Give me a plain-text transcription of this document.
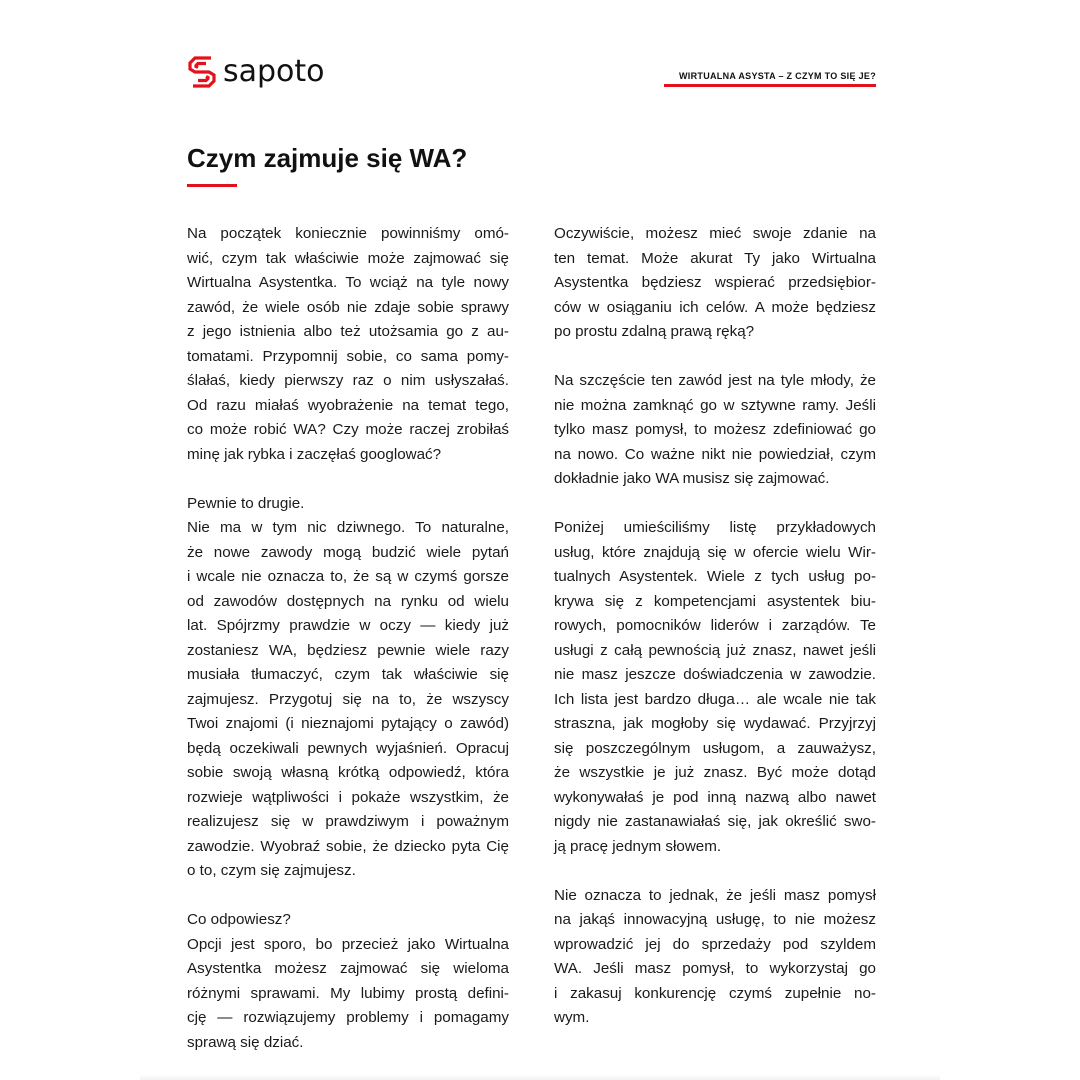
sapoto	WIRTUALNA ASYSTA – Z CZYM TO SIĘ JE?
Czym zajmuje się WA?
Na początek koniecznie powinniśmy omó-
wić, czym tak właściwie może zajmować się
Wirtualna Asystentka. To wciąż na tyle nowy
zawód, że wiele osób nie zdaje sobie sprawy
z jego istnienia albo też utożsamia go z au-
tomatami. Przypomnij sobie, co sama pomy-
ślałaś, kiedy pierwszy raz o nim usłyszałaś.
Od razu miałaś wyobrażenie na temat tego,
co może robić WA? Czy może raczej zrobiłaś
minę jak rybka i zaczęłaś googlować?
Pewnie to drugie.
Nie ma w tym nic dziwnego. To naturalne,
że nowe zawody mogą budzić wiele pytań
i wcale nie oznacza to, że są w czymś gorsze
od zawodów dostępnych na rynku od wielu
lat. Spójrzmy prawdzie w oczy — kiedy już
zostaniesz WA, będziesz pewnie wiele razy
musiała tłumaczyć, czym tak właściwie się
zajmujesz. Przygotuj się na to, że wszyscy
Twoi znajomi (i nieznajomi pytający o zawód)
będą oczekiwali pewnych wyjaśnień. Opracuj
sobie swoją własną krótką odpowiedź, która
rozwieje wątpliwości i pokaże wszystkim, że
realizujesz się w prawdziwym i poważnym
zawodzie. Wyobraź sobie, że dziecko pyta Cię
o to, czym się zajmujesz.
Co odpowiesz?
Opcji jest sporo, bo przecież jako Wirtualna
Asystentka możesz zajmować się wieloma
różnymi sprawami. My lubimy prostą defini-
cję — rozwiązujemy problemy i pomagamy
sprawą się dziać.
Oczywiście, możesz mieć swoje zdanie na
ten temat. Może akurat Ty jako Wirtualna
Asystentka będziesz wspierać przedsiębior-
ców w osiąganiu ich celów. A może będziesz
po prostu zdalną prawą ręką?
Na szczęście ten zawód jest na tyle młody, że
nie można zamknąć go w sztywne ramy. Jeśli
tylko masz pomysł, to możesz zdefiniować go
na nowo. Co ważne nikt nie powiedział, czym
dokładnie jako WA musisz się zajmować.
Poniżej umieściliśmy listę przykładowych
usług, które znajdują się w ofercie wielu Wir-
tualnych Asystentek. Wiele z tych usług po-
krywa się z kompetencjami asystentek biu-
rowych, pomocników liderów i zarządów. Te
usługi z całą pewnością już znasz, nawet jeśli
nie masz jeszcze doświadczenia w zawodzie.
Ich lista jest bardzo długa… ale wcale nie tak
straszna, jak mogłoby się wydawać. Przyjrzyj
się poszczególnym usługom, a zauważysz,
że wszystkie je już znasz. Być może dotąd
wykonywałaś je pod inną nazwą albo nawet
nigdy nie zastanawiałaś się, jak określić swo-
ją pracę jednym słowem.
Nie oznacza to jednak, że jeśli masz pomysł
na jakąś innowacyjną usługę, to nie możesz
wprowadzić jej do sprzedaży pod szyldem
WA. Jeśli masz pomysł, to wykorzystaj go
i zakasuj konkurencję czymś zupełnie no-
wym.
